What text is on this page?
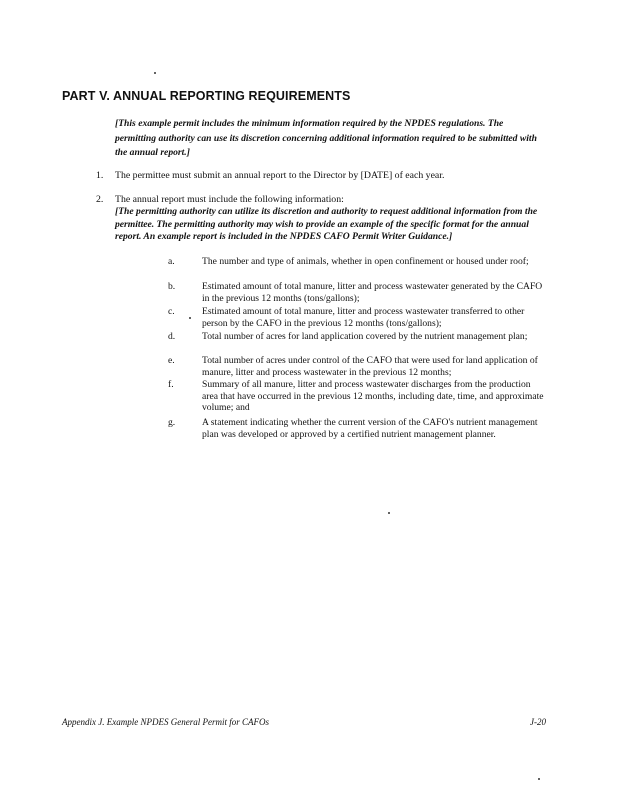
PART V. ANNUAL REPORTING REQUIREMENTS
[This example permit includes the minimum information required by the NPDES regulations. The permitting authority can use its discretion concerning additional information required to be submitted with the annual report.]
1. The permittee must submit an annual report to the Director by [DATE] of each year.
2. The annual report must include the following information:
[The permitting authority can utilize its discretion and authority to request additional information from the permittee. The permitting authority may wish to provide an example of the specific format for the annual report. An example report is included in the NPDES CAFO Permit Writer Guidance.]
a.	The number and type of animals, whether in open confinement or housed under roof;
b.	Estimated amount of total manure, litter and process wastewater generated by the CAFO in the previous 12 months (tons/gallons);
c.	Estimated amount of total manure, litter and process wastewater transferred to other person by the CAFO in the previous 12 months (tons/gallons);
d.	Total number of acres for land application covered by the nutrient management plan;
e.	Total number of acres under control of the CAFO that were used for land application of manure, litter and process wastewater in the previous 12 months;
f.	Summary of all manure, litter and process wastewater discharges from the production area that have occurred in the previous 12 months, including date, time, and approximate volume; and
g.	A statement indicating whether the current version of the CAFO's nutrient management plan was developed or approved by a certified nutrient management planner.
Appendix J. Example NPDES General Permit for CAFOs	J-20
